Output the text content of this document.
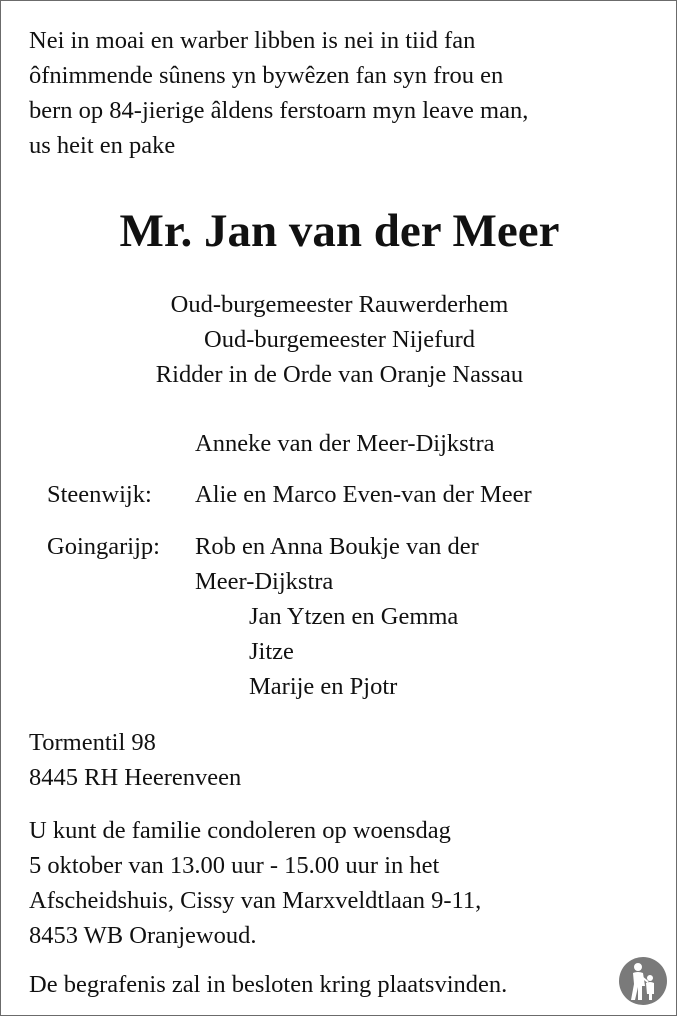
Nei in moai en warber libben is nei in tiid fan

ôfnimmende sûnens yn bywêzen fan syn frou en

bern op 84-jierige âldens ferstoarn myn leave man,

us heit en pake

Mr. Jan van der Meer
Oud-burgemeester Rauwerderhem
Oud-burgemeester Nijefurd
Ridder in de Orde van Oranje Nassau
Anneke van der Meer-Dijkstra
Steenwijk: Alie en Marco Even-van der Meer
Goingarijp: Rob en Anna Boukje van der
Meer-Dijkstra
Jan Ytzen en Gemma
Jitze
Marije en Pjotr
Tormentil 98
8445 RH Heerenveen
U kunt de familie condoleren op woensdag
5 oktober van 13.00 uur - 15.00 uur in het
Afscheidshuis, Cissy van Marxveldtlaan 9-11,
8453 WB Oranjewoud.
De begrafenis zal in besloten kring plaatsvinden.
